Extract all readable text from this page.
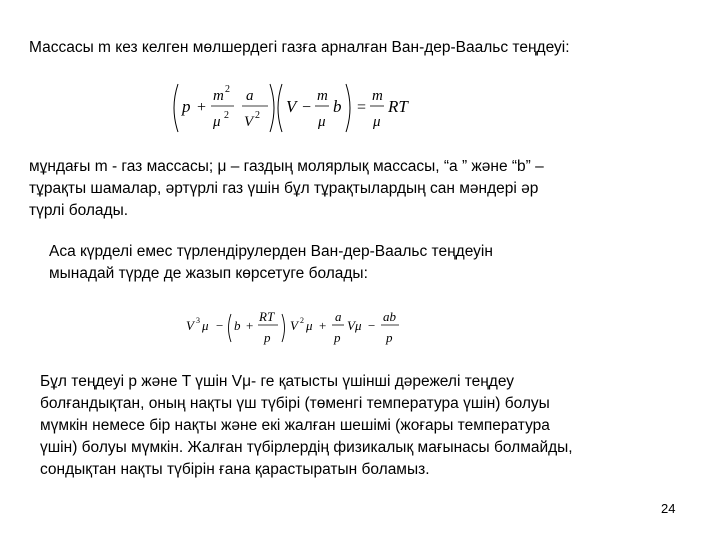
Массасы m кез келген мөлшердегі газға арналған Ван-дер-Ваальс теңдеуі:

p +
m 2 a
μ 2 V 2 V −
m
μ
b =
m
μ
RT

мұндағы m - газ массасы; μ – газдың молярлық массасы, “a ” және “b” –

тұрақты шамалар, әртүрлі газ үшін бұл тұрақтылардың сан мәндері әр

түрлі болады.

Аса күрделі емес түрлендірулерден Ван-дер-Ваальс теңдеуін

мынадай түрде де жазып көрсетуге болады:

V 3 μ − b +
RT
p
V 2 μ +
a
p
Vμ −
ab
p

Бұл теңдеуі p және T үшін Vμ- ге қатысты үшінші дәрежелі теңдеу

болғандықтан, оның нақты үш түбірі (төменгі температура үшін) болуы

мүмкін немесе бір нақты және екі жалған шешімі (жоғары температура

үшін) болуы мүмкін. Жалған түбірлердің физикалық мағынасы болмайды,

сондықтан нақты түбірін ғана қарастыратын боламыз.

24
